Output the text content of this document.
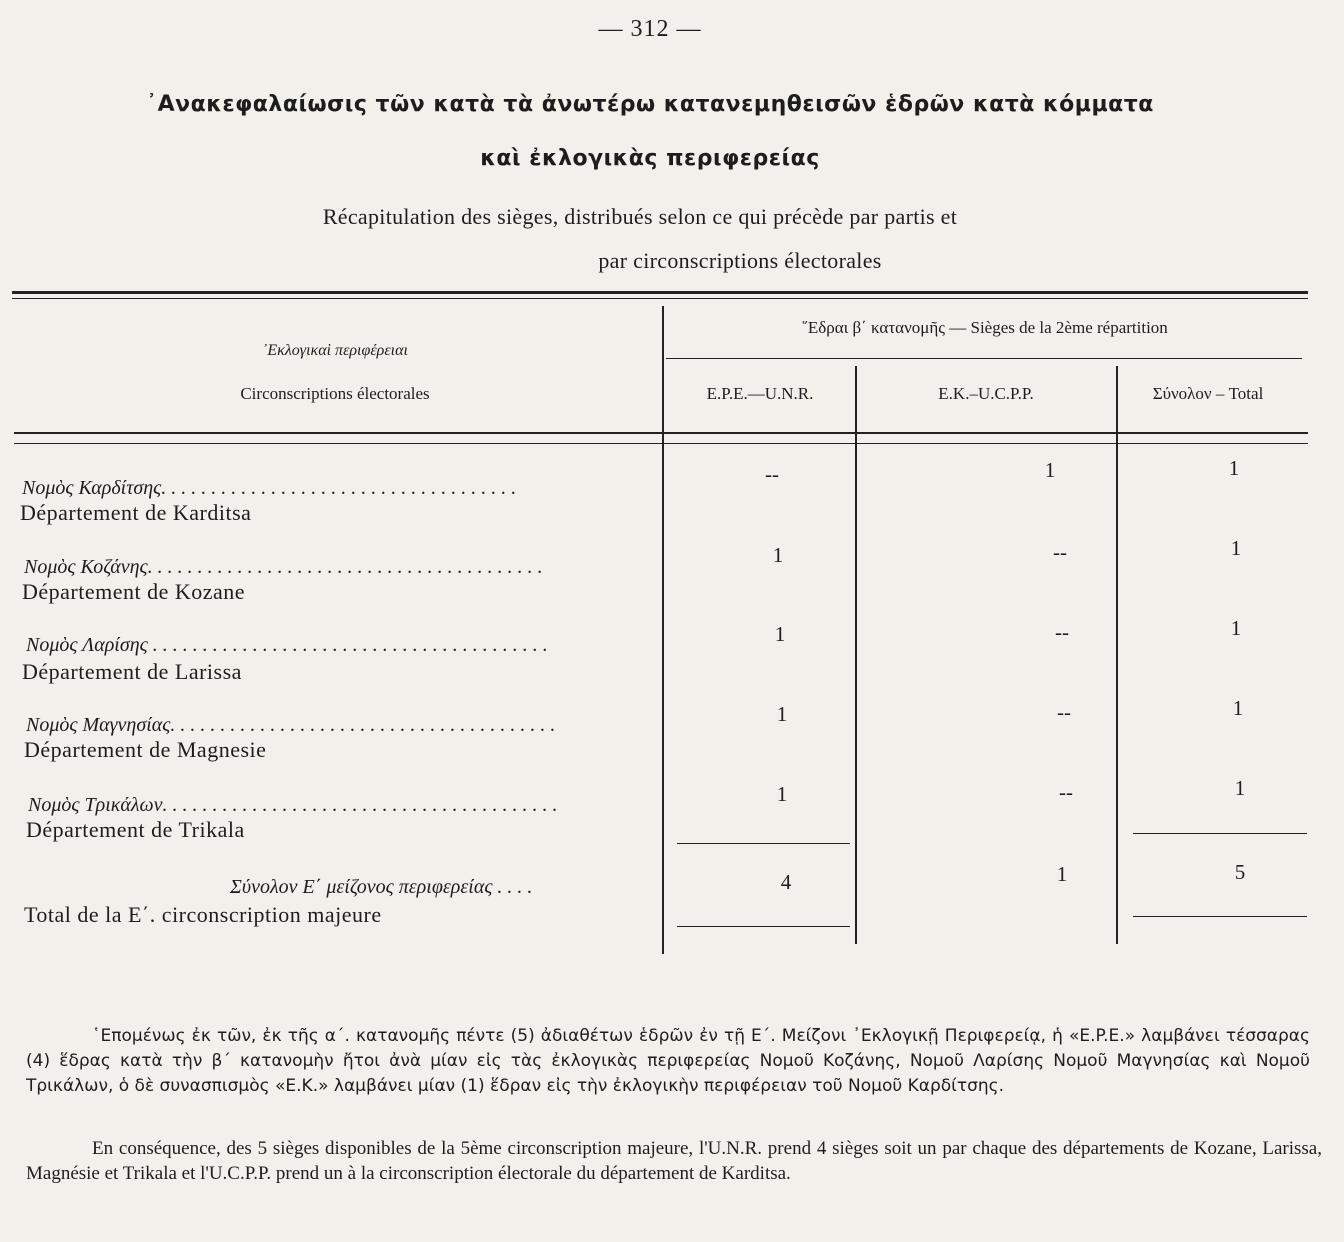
— 312 —
᾿Ανακεφαλαίωσις τῶν κατὰ τὰ ἀνωτέρω κατανεμηθεισῶν ἑδρῶν κατὰ κόμματα
καὶ ἐκλογικὰς περιφερείας
Récapitulation des sièges, distribués selon ce qui précède par partis et
par circonscriptions électorales
᾿Εκλογικαὶ περιφέρειαι
Circonscriptions électorales
῞Εδραι β΄ κατανομῆς — Sièges de la 2ème répartition
E.P.E.—U.N.R.	E.K.–U.C.P.P.	Σύνολον – Total
Νομὸς Καρδίτσης. . . . . . . . . . . . . . . . . . . . . . . . . . . . . . . . . . . .
Département de Karditsa
--	1	1
Νομὸς Κοζάνης. . . . . . . . . . . . . . . . . . . . . . . . . . . . . . . . . . . . . . . .
Département de Kozane
1	--	1
Νομὸς Λαρίσης . . . . . . . . . . . . . . . . . . . . . . . . . . . . . . . . . . . . . . . .
Département de Larissa
1	--	1
Νομὸς Μαγνησίας. . . . . . . . . . . . . . . . . . . . . . . . . . . . . . . . . . . . . . .
Département de Magnesie
1	--	1
Νομὸς Τρικάλων. . . . . . . . . . . . . . . . . . . . . . . . . . . . . . . . . . . . . . . .
Département de Trikala
1	--	1
Σύνολον Ε΄ μείζονος περιφερείας . . . .
Total de la E΄. circonscription majeure
4	1	5
῾Επομένως ἐκ τῶν, ἐκ τῆς α΄. κατανομῆς πέντε (5) ἀδιαθέτων ἑδρῶν ἐν τῇ Ε΄. Μείζονι ᾿Εκλογικῇ Περιφερείᾳ, ἡ «E.P.E.» λαμβάνει τέσσαρας (4) ἕδρας κατὰ τὴν β΄ κατανομὴν ἤτοι ἀνὰ μίαν εἰς τὰς ἐκλογικὰς περιφερείας Νομοῦ Κοζάνης, Νομοῦ Λαρίσης Νομοῦ Μαγνησίας καὶ Νομοῦ Τρικάλων, ὁ δὲ συνασπισμὸς «Ε.Κ.» λαμβάνει μίαν (1) ἕδραν εἰς τὴν ἐκλογικὴν περιφέρειαν τοῦ Νομοῦ Καρδίτσης.
En conséquence, des 5 sièges disponibles de la 5ème circonscription majeure, l'U.N.R. prend 4 sièges soit un par chaque des départements de Kozane, Larissa, Magnésie et Trikala et l'U.C.P.P. prend un à la circonscription électorale du département de Karditsa.
